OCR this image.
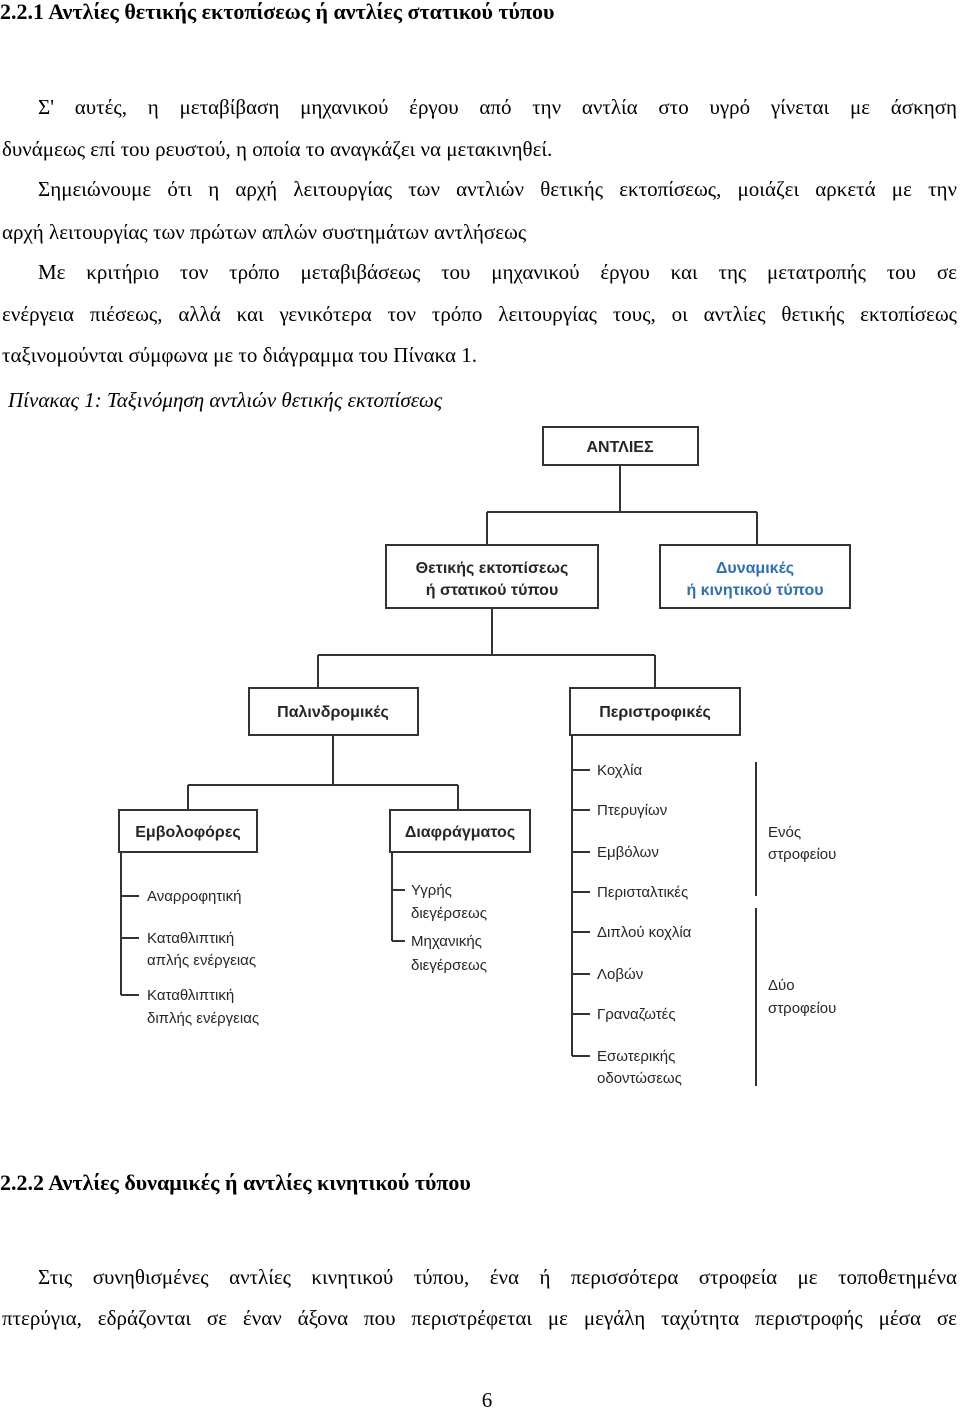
2.2.1 Αντλίες θετικής εκτοπίσεως ή αντλίες στατικού τύπου
Σ' αυτές, η μεταβίβαση μηχανικού έργου από την αντλία στο υγρό γίνεται με άσκηση
δυνάμεως επί του ρευστού, η οποία το αναγκάζει να μετακινηθεί.
Σημειώνουμε ότι η αρχή λειτουργίας των αντλιών θετικής εκτοπίσεως, μοιάζει αρκετά με την
αρχή λειτουργίας των πρώτων απλών συστημάτων αντλήσεως
Με κριτήριο τον τρόπο μεταβιβάσεως του μηχανικού έργου και της μετατροπής του σε
ενέργεια πιέσεως, αλλά και γενικότερα τον τρόπο λειτουργίας τους, οι αντλίες θετικής εκτοπίσεως
ταξινομούνται σύμφωνα με το διάγραμμα του Πίνακα 1.
Πίνακας 1: Ταξινόμηση αντλιών θετικής εκτοπίσεως
ΑΝΤΛΙΕΣ
Θετικής εκτοπίσεως
ή στατικού τύπου
Δυναμικές
ή κινητικού τύπου
Παλινδρομικές	Περιστροφικές
Εμβολοφόρες	Διαφράγματος
Αναρροφητική
Καταθλιπτική
απλής ενέργειας
Καταθλιπτική
διπλής ενέργειας
Υγρής
διεγέρσεως
Μηχανικής
διεγέρσεως
Κοχλία
Πτερυγίων
Εμβόλων
Περισταλτικές
Διπλού κοχλία
Λοβών
Γραναζωτές
Εσωτερικής
οδοντώσεως
Ενός
στροφείου
Δύο
στροφείου
2.2.2 Αντλίες δυναμικές ή αντλίες κινητικού τύπου
Στις συνηθισμένες αντλίες κινητικού τύπου, ένα ή περισσότερα στροφεία με τοποθετημένα
πτερύγια, εδράζονται σε έναν άξονα που περιστρέφεται με μεγάλη ταχύτητα περιστροφής μέσα σε
6
